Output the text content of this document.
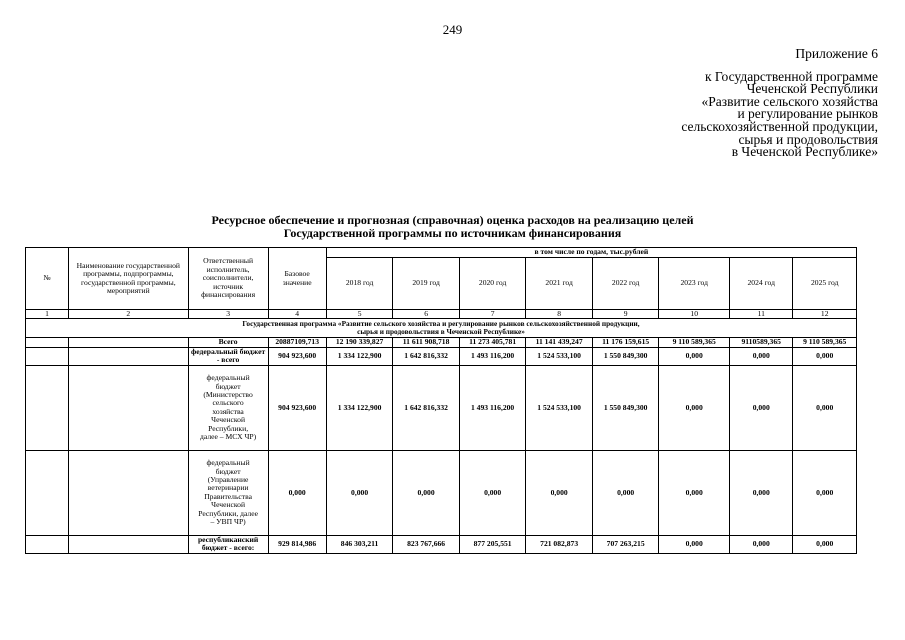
249
Приложение 6
к Государственной программе
Чеченской Республики
«Развитие сельского хозяйства
и регулирование рынков
сельскохозяйственной продукции,
сырья и продовольствия
в Чеченской Республике»
Ресурсное обеспечение и прогнозная (справочная) оценка расходов на реализацию целей
Государственной программы по источникам финансирования
№	Наименование государственной программы, подпрограммы, государственной программы, мероприятий	Ответственный исполнитель, соисполнители, источник финансирования	Базовое значение	в том числе по годам, тыс.рублей							
				2018 год	2019 год	2020 год	2021 год	2022 год	2023 год	2024 год	2025 год
1	2	3	4	5	6	7	8	9	10	11	12

Государственная программа «Развитие сельского хозяйства и регулирование рынков сельскохозяйственной продукции,
сырья и продовольствия в Чеченской Республике»											

		Всего	20887109,713	12 190 339,827	11 611 908,718	11 273 405,781	11 141 439,247	11 176 159,615	9 110 589,365	9110589,365	9 110 589,365
		федеральный бюджет - всего	904 923,600	1 334 122,900	1 642 816,332	1 493 116,200	1 524 533,100	1 550 849,300	0,000	0,000	0,000
		федеральный бюджет (Министерство сельского хозяйства Чеченской Республики, далее – МСХ ЧР)	904 923,600	1 334 122,900	1 642 816,332	1 493 116,200	1 524 533,100	1 550 849,300	0,000	0,000	0,000
		федеральный бюджет (Управление ветеринарии Правительства Чеченской Республики, далее – УВП ЧР)	0,000	0,000	0,000	0,000	0,000	0,000	0,000	0,000	0,000
		республиканский бюджет - всего:	929 814,986	846 303,211	823 767,666	877 205,551	721 082,873	707 263,215	0,000	0,000	0,000
